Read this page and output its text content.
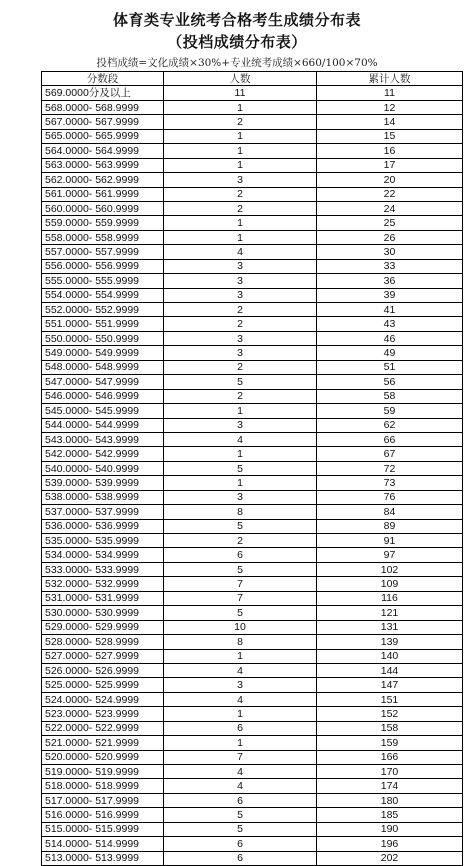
体育类专业统考合格考生成绩分布表
（投档成绩分布表）
投档成绩=文化成绩×30%+专业统考成绩×660/100×70%
分数段	人数	累计人数
569.0000分及以上	11	11
568.0000- 568.9999	1	12
567.0000- 567.9999	2	14
565.0000- 565.9999	1	15
564.0000- 564.9999	1	16
563.0000- 563.9999	1	17
562.0000- 562.9999	3	20
561.0000- 561.9999	2	22
560.0000- 560.9999	2	24
559.0000- 559.9999	1	25
558.0000- 558.9999	1	26
557.0000- 557.9999	4	30
556.0000- 556.9999	3	33
555.0000- 555.9999	3	36
554.0000- 554.9999	3	39
552.0000- 552.9999	2	41
551.0000- 551.9999	2	43
550.0000- 550.9999	3	46
549.0000- 549.9999	3	49
548.0000- 548.9999	2	51
547.0000- 547.9999	5	56
546.0000- 546.9999	2	58
545.0000- 545.9999	1	59
544.0000- 544.9999	3	62
543.0000- 543.9999	4	66
542.0000- 542.9999	1	67
540.0000- 540.9999	5	72
539.0000- 539.9999	1	73
538.0000- 538.9999	3	76
537.0000- 537.9999	8	84
536.0000- 536.9999	5	89
535.0000- 535.9999	2	91
534.0000- 534.9999	6	97
533.0000- 533.9999	5	102
532.0000- 532.9999	7	109
531.0000- 531.9999	7	116
530.0000- 530.9999	5	121
529.0000- 529.9999	10	131
528.0000- 528.9999	8	139
527.0000- 527.9999	1	140
526.0000- 526.9999	4	144
525.0000- 525.9999	3	147
524.0000- 524.9999	4	151
523.0000- 523.9999	1	152
522.0000- 522.9999	6	158
521.0000- 521.9999	1	159
520.0000- 520.9999	7	166
519.0000- 519.9999	4	170
518.0000- 518.9999	4	174
517.0000- 517.9999	6	180
516.0000- 516.9999	5	185
515.0000- 515.9999	5	190
514.0000- 514.9999	6	196
513.0000- 513.9999	6	202
